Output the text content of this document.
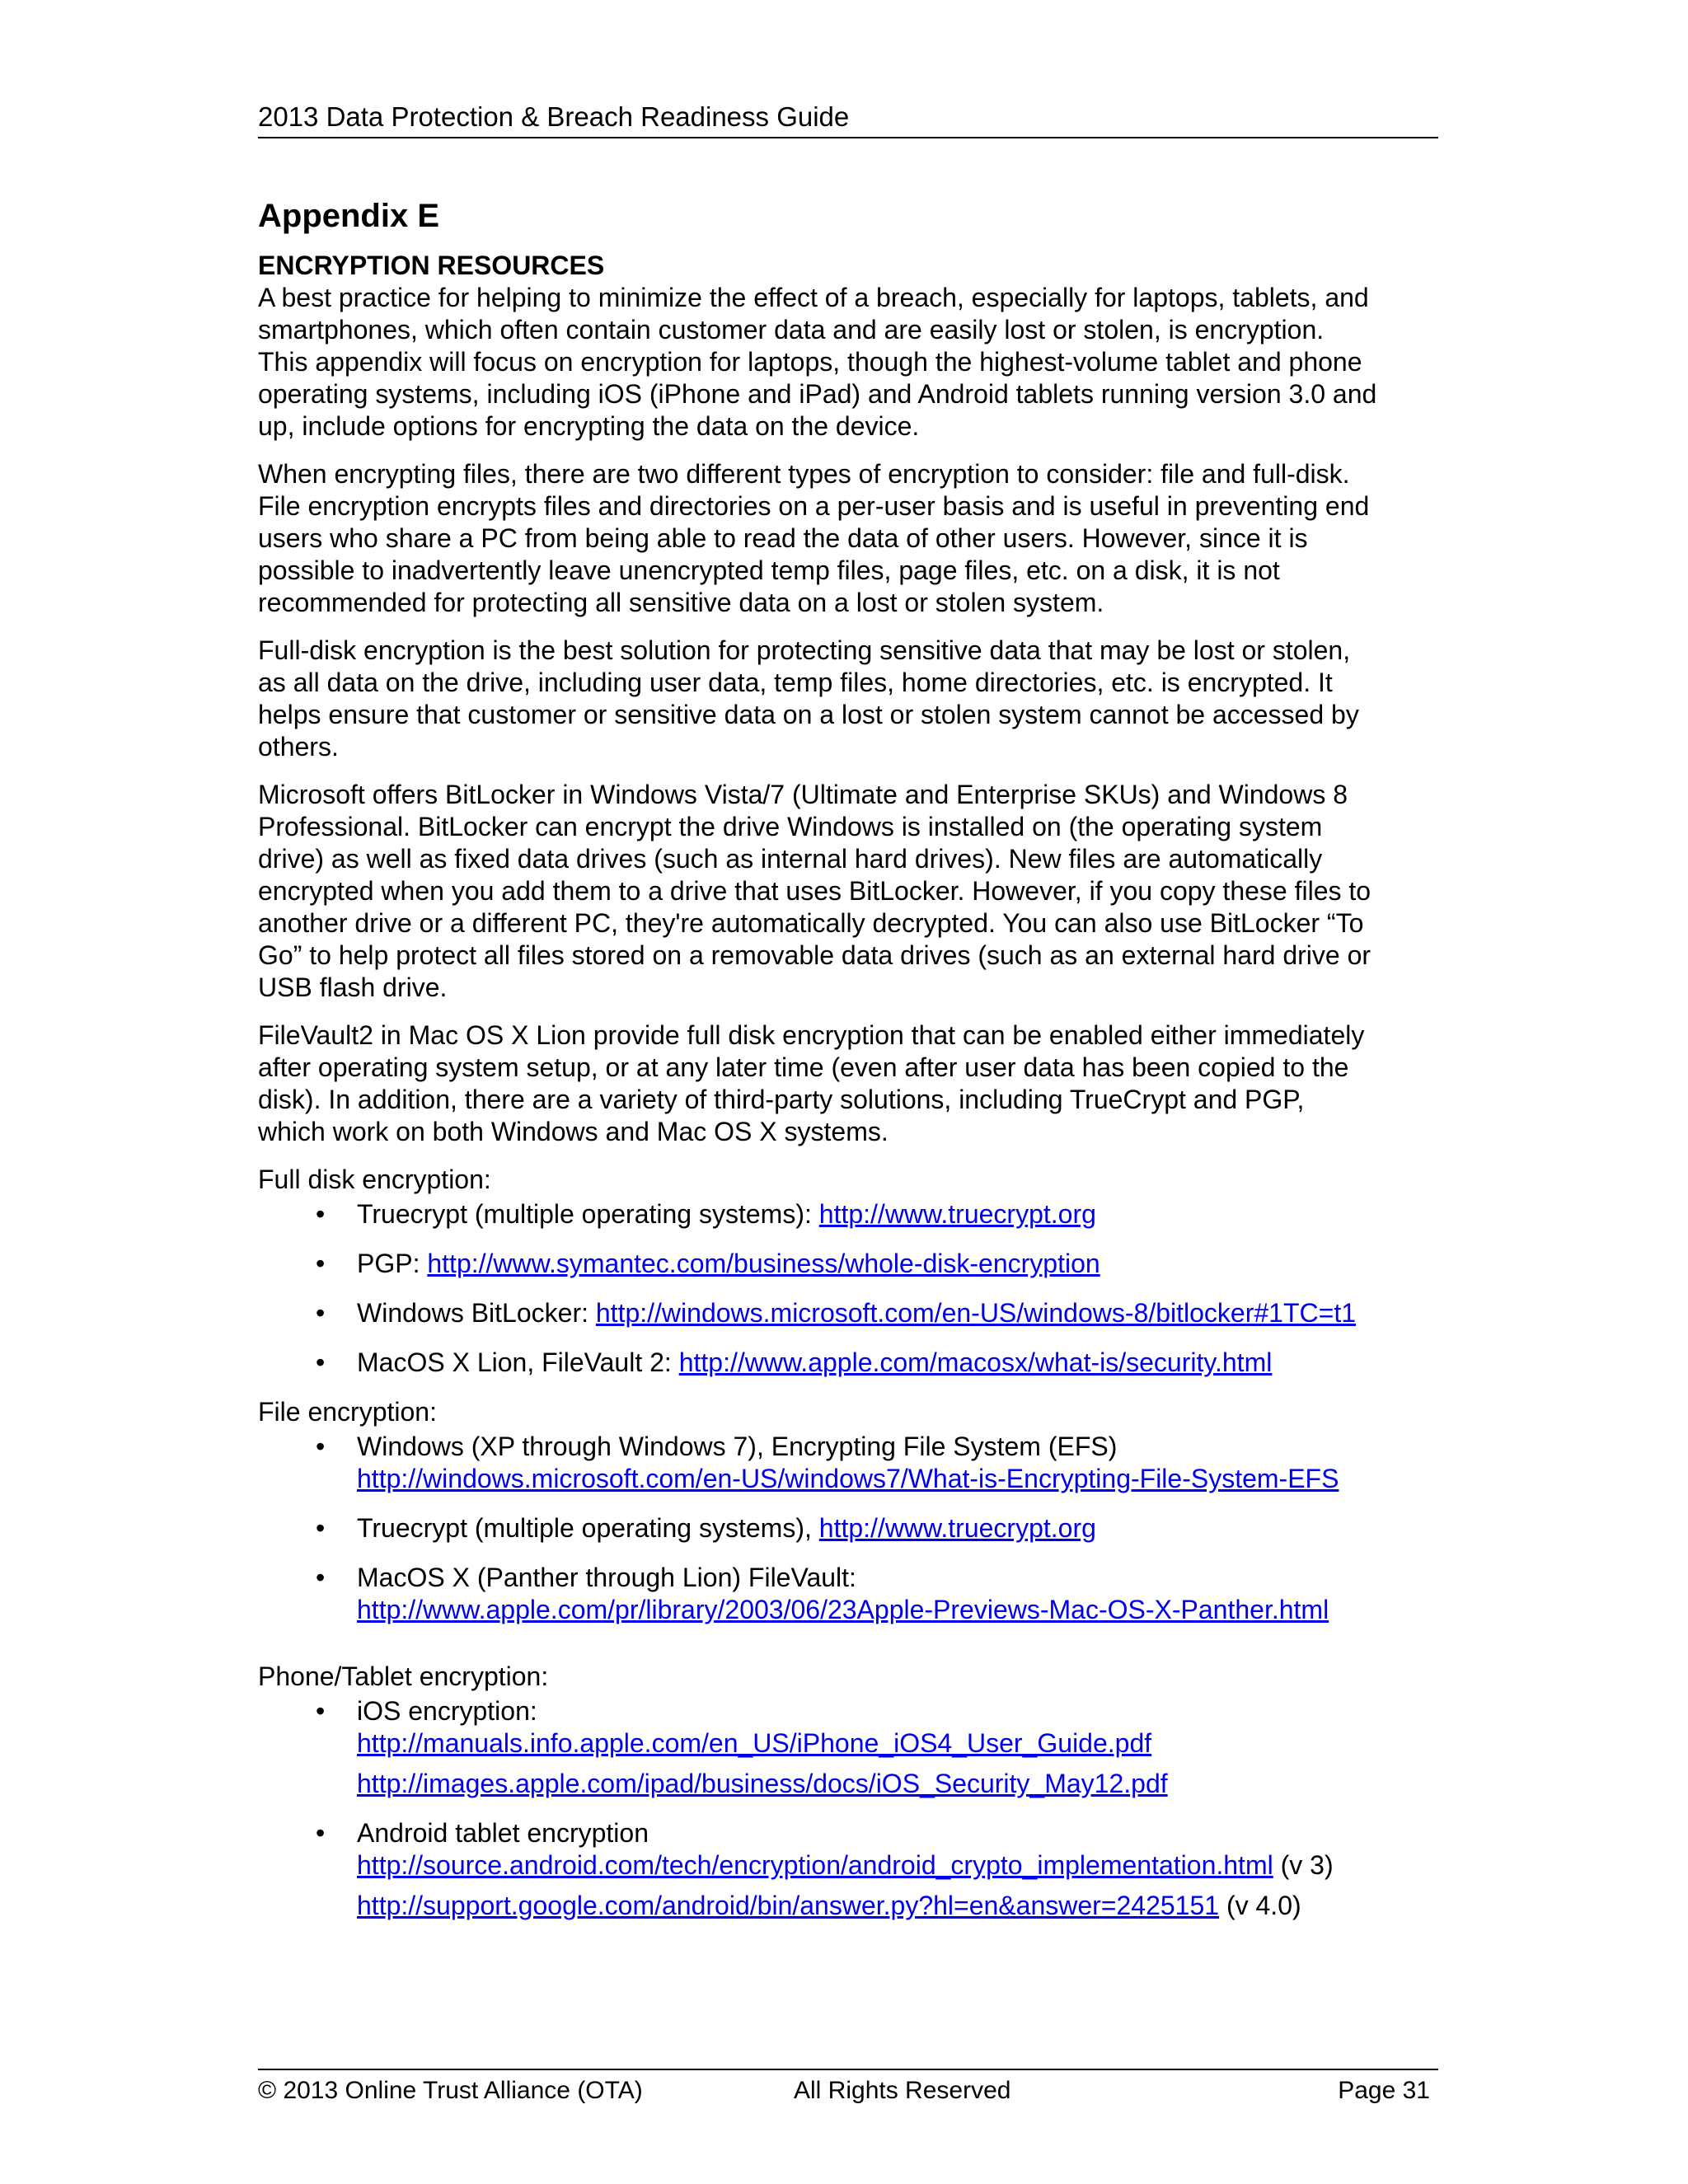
2013 Data Protection & Breach Readiness Guide
Appendix E
ENCRYPTION RESOURCES

A best practice for helping to minimize the effect of a breach, especially for laptops, tablets, and
smartphones, which often contain customer data and are easily lost or stolen, is encryption.
This appendix will focus on encryption for laptops, though the highest-volume tablet and phone
operating systems, including iOS (iPhone and iPad) and Android tablets running version 3.0 and
up, include options for encrypting the data on the device.

When encrypting files, there are two different types of encryption to consider: file and full-disk.
File encryption encrypts files and directories on a per-user basis and is useful in preventing end
users who share a PC from being able to read the data of other users. However, since it is
possible to inadvertently leave unencrypted temp files, page files, etc. on a disk, it is not
recommended for protecting all sensitive data on a lost or stolen system.

Full-disk encryption is the best solution for protecting sensitive data that may be lost or stolen,
as all data on the drive, including user data, temp files, home directories, etc. is encrypted. It
helps ensure that customer or sensitive data on a lost or stolen system cannot be accessed by
others.

Microsoft offers BitLocker in Windows Vista/7 (Ultimate and Enterprise SKUs) and Windows 8
Professional. BitLocker can encrypt the drive Windows is installed on (the operating system
drive) as well as fixed data drives (such as internal hard drives). New files are automatically
encrypted when you add them to a drive that uses BitLocker. However, if you copy these files to
another drive or a different PC, they're automatically decrypted. You can also use BitLocker “To
Go” to help protect all files stored on a removable data drives (such as an external hard drive or
USB flash drive.

FileVault2 in Mac OS X Lion provide full disk encryption that can be enabled either immediately
after operating system setup, or at any later time (even after user data has been copied to the
disk). In addition, there are a variety of third-party solutions, including TrueCrypt and PGP,
which work on both Windows and Mac OS X systems.

Full disk encryption:
• Truecrypt (multiple operating systems): http://www.truecrypt.org
• PGP: http://www.symantec.com/business/whole-disk-encryption
• Windows BitLocker: http://windows.microsoft.com/en-US/windows-8/bitlocker#1TC=t1
• MacOS X Lion, FileVault 2: http://www.apple.com/macosx/what-is/security.html
File encryption:
• Windows (XP through Windows 7), Encrypting File System (EFS)
http://windows.microsoft.com/en-US/windows7/What-is-Encrypting-File-System-EFS
• Truecrypt (multiple operating systems), http://www.truecrypt.org
• MacOS X (Panther through Lion) FileVault:
http://www.apple.com/pr/library/2003/06/23Apple-Previews-Mac-OS-X-Panther.html
Phone/Tablet encryption:
• iOS encryption:
http://manuals.info.apple.com/en_US/iPhone_iOS4_User_Guide.pdf
http://images.apple.com/ipad/business/docs/iOS_Security_May12.pdf
• Android tablet encryption
http://source.android.com/tech/encryption/android_crypto_implementation.html (v 3)
http://support.google.com/android/bin/answer.py?hl=en&answer=2425151 (v 4.0)
© 2013 Online Trust Alliance (OTA)	All Rights Reserved	Page 31
